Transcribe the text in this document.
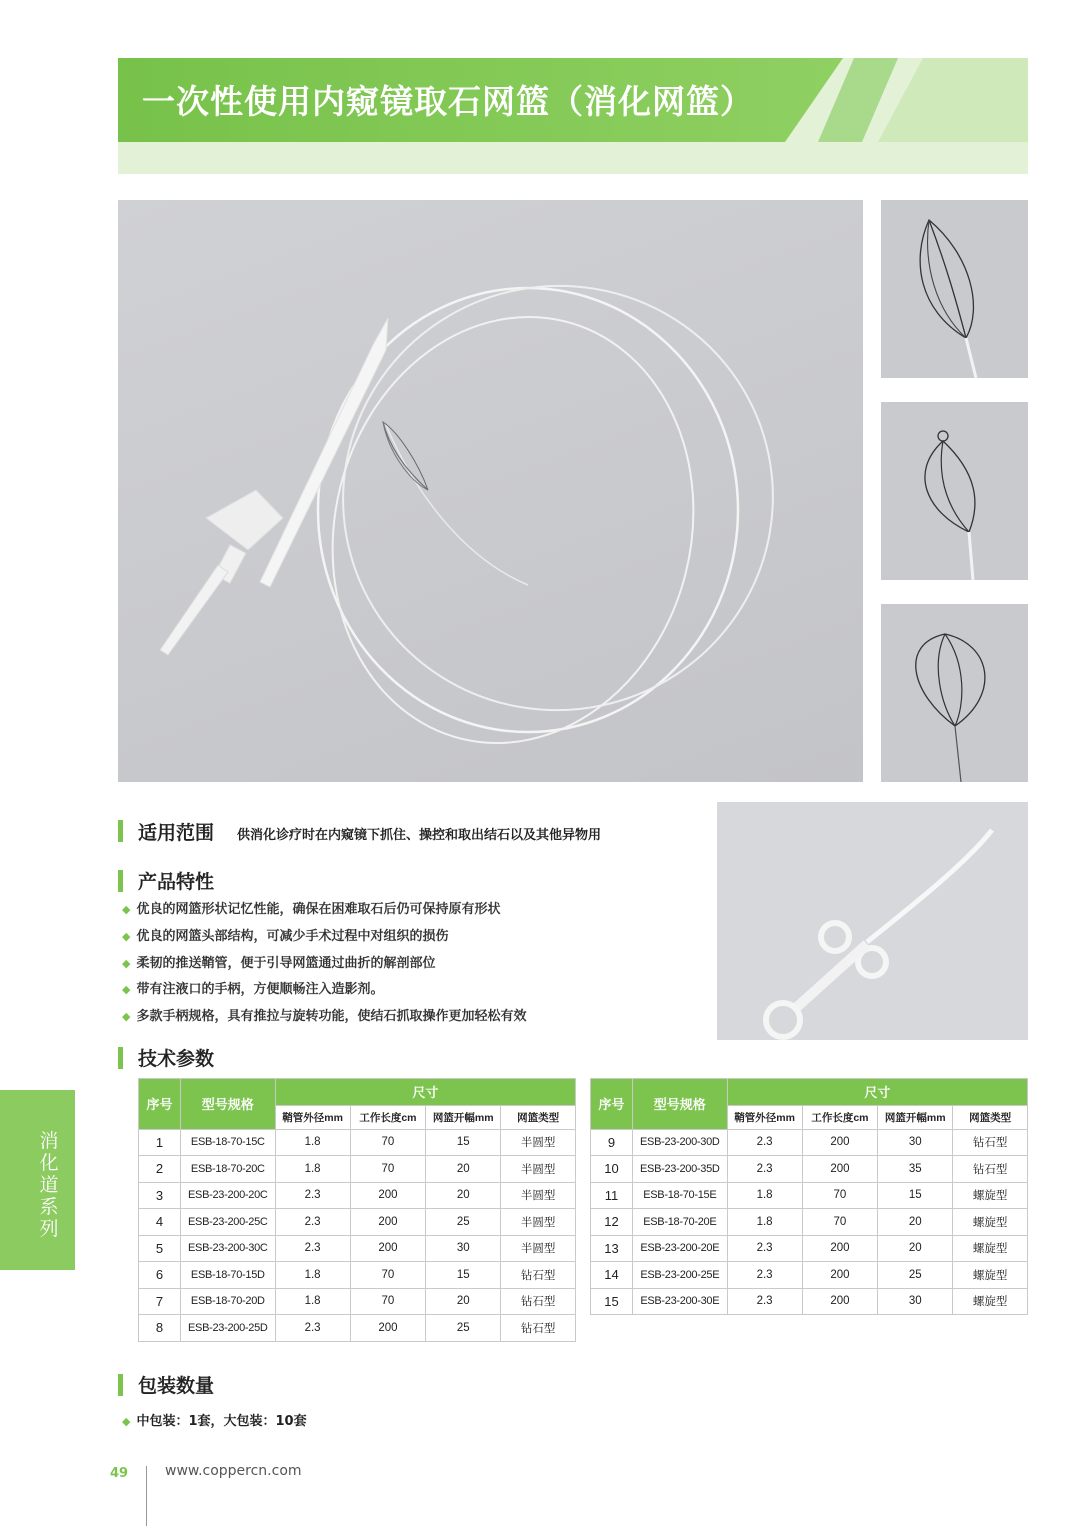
一次性使用内窥镜取石网篮（消化网篮）
消化道系列
适用范围 供消化诊疗时在内窥镜下抓住、操控和取出结石以及其他异物用
产品特性
◆ 优良的网篮形状记忆性能，确保在困难取石后仍可保持原有形状
◆ 优良的网篮头部结构，可减少手术过程中对组织的损伤
◆ 柔韧的推送鞘管，便于引导网篮通过曲折的解剖部位
◆ 带有注液口的手柄，方便顺畅注入造影剂。
◆ 多款手柄规格，具有推拉与旋转功能，使结石抓取操作更加轻松有效
技术参数
序号	型号规格	尺寸			
		鞘管外径mm	工作长度cm	网篮开幅mm	网篮类型
1	ESB-18-70-15C	1.8	70	15	半圆型
2	ESB-18-70-20C	1.8	70	20	半圆型
3	ESB-23-200-20C	2.3	200	20	半圆型
4	ESB-23-200-25C	2.3	200	25	半圆型
5	ESB-23-200-30C	2.3	200	30	半圆型
6	ESB-18-70-15D	1.8	70	15	钻石型
7	ESB-18-70-20D	1.8	70	20	钻石型
8	ESB-23-200-25D	2.3	200	25	钻石型
序号	型号规格	尺寸			
		鞘管外径mm	工作长度cm	网篮开幅mm	网篮类型
9	ESB-23-200-30D	2.3	200	30	钻石型
10	ESB-23-200-35D	2.3	200	35	钻石型
11	ESB-18-70-15E	1.8	70	15	螺旋型
12	ESB-18-70-20E	1.8	70	20	螺旋型
13	ESB-23-200-20E	2.3	200	20	螺旋型
14	ESB-23-200-25E	2.3	200	25	螺旋型
15	ESB-23-200-30E	2.3	200	30	螺旋型
包装数量
◆ 中包装：1套，大包装：10套
49	www.coppercn.com
